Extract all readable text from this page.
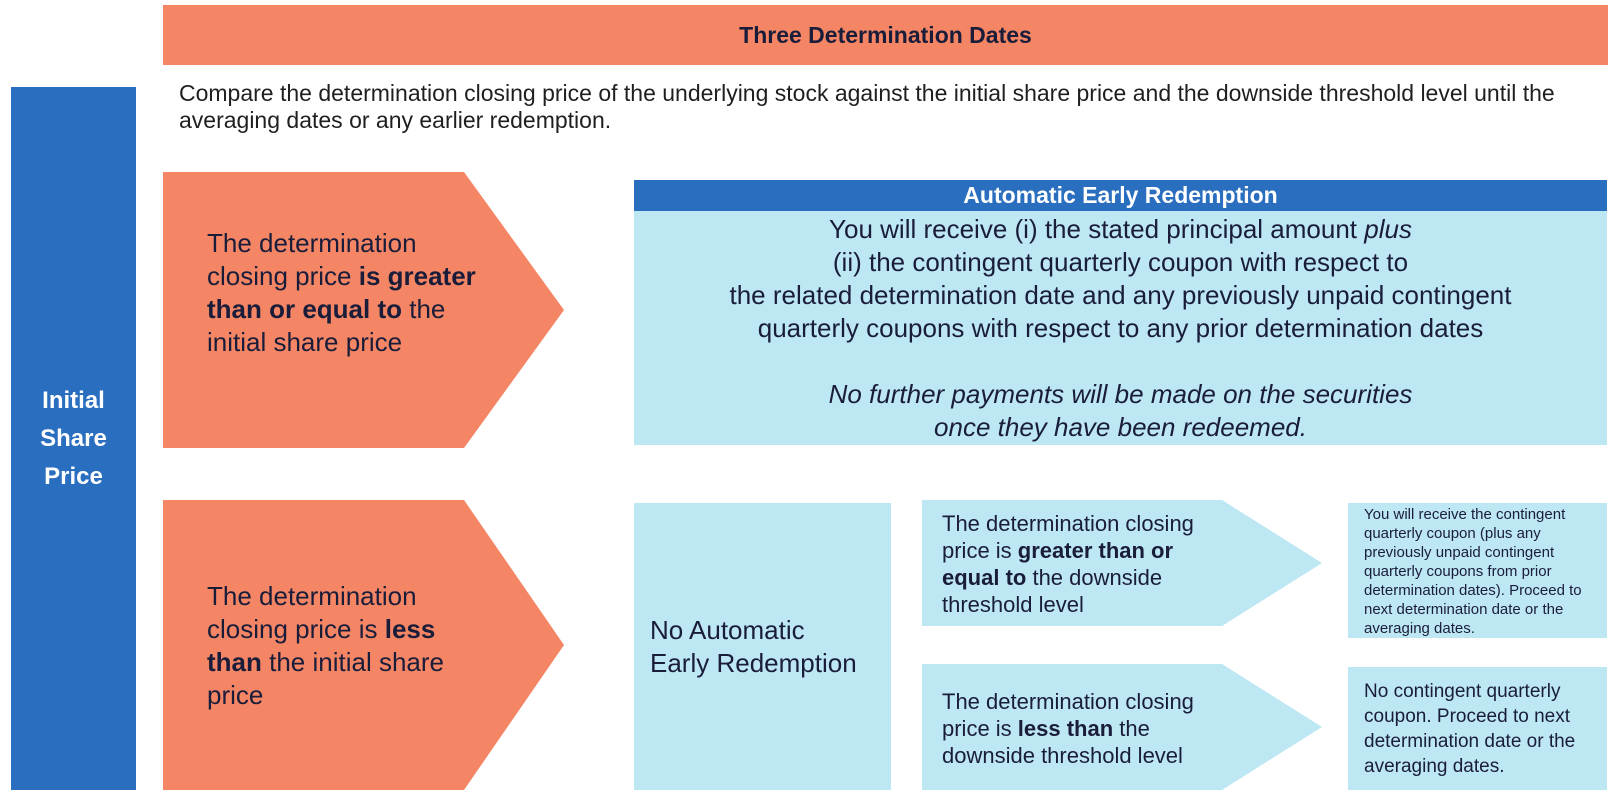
Three Determination Dates
Initial
Share
Price
Compare the determination closing price of the underlying stock against the initial share price and the downside threshold level until the averaging dates or any earlier redemption.
The determination closing price is greater than or equal to the initial share price
The determination closing price is less than the initial share price
Automatic Early Redemption
You will receive (i) the stated principal amount plus
(ii) the contingent quarterly coupon with respect to
the related determination date and any previously unpaid contingent
quarterly coupons with respect to any prior determination dates
No further payments will be made on the securities
once they have been redeemed.
No Automatic
Early Redemption
The determination closing price is greater than or equal to the downside threshold level
The determination closing price is less than the downside threshold level
You will receive the contingent quarterly coupon (plus any previously unpaid contingent quarterly coupons from prior determination dates). Proceed to next determination date or the averaging dates.
No contingent quarterly coupon. Proceed to next determination date or the averaging dates.
